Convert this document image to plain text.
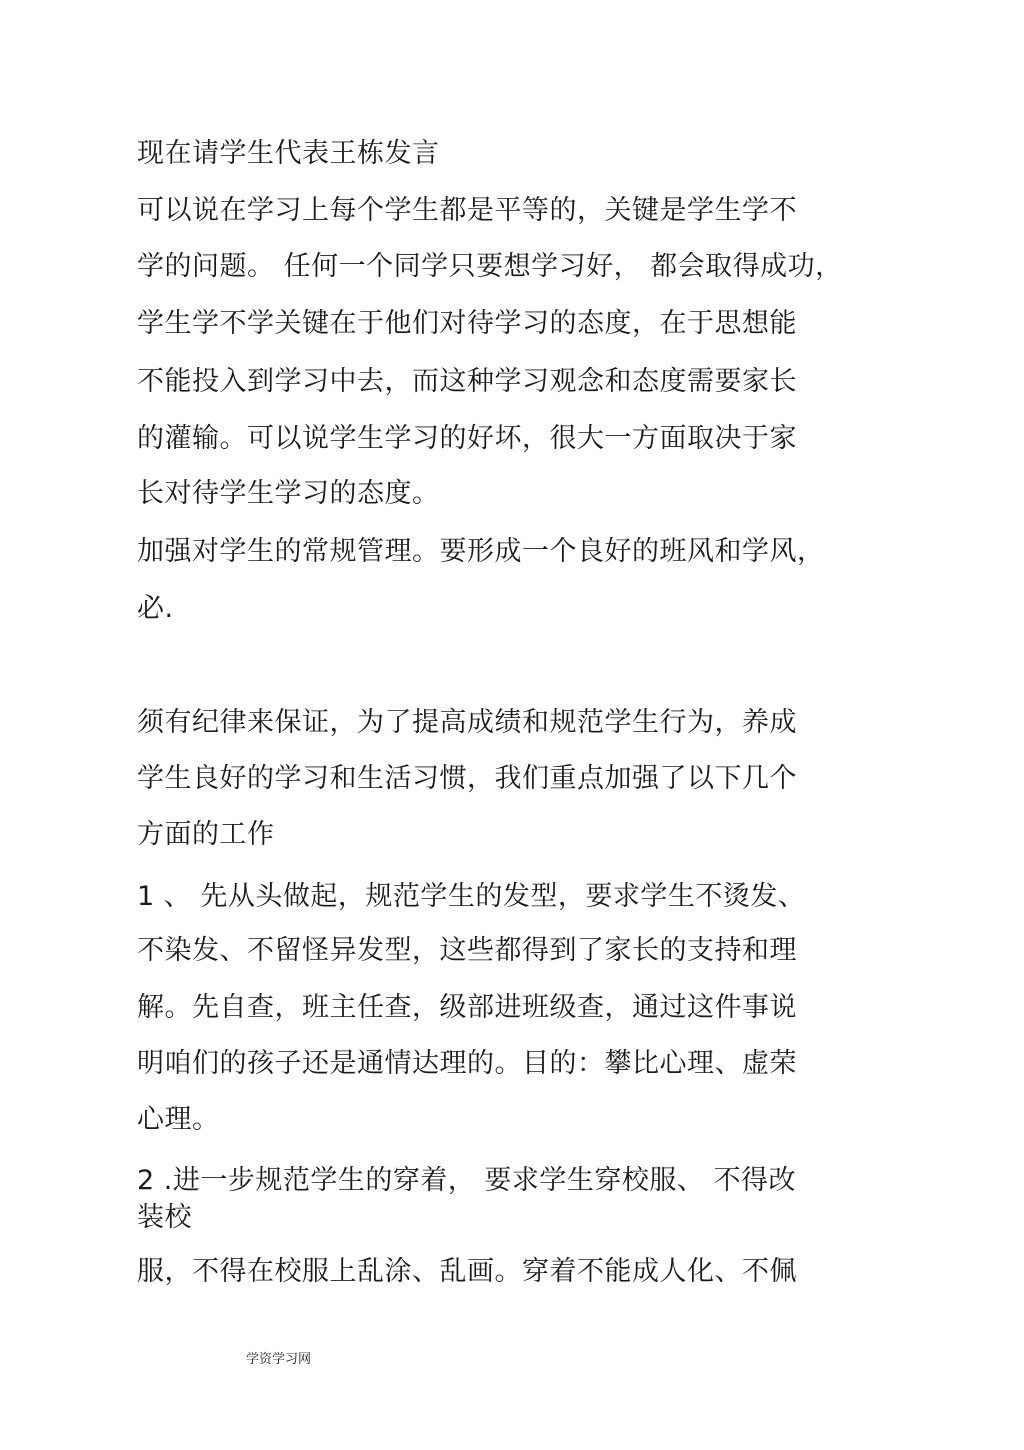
现在请学生代表王栋发言
可以说在学习上每个学生都是平等的，关键是学生学不
学的问题。 任何一个同学只要想学习好， 都会取得成功，
学生学不学关键在于他们对待学习的态度，在于思想能
不能投入到学习中去，而这种学习观念和态度需要家长
的灌输。可以说学生学习的好坏，很大一方面取决于家
长对待学生学习的态度。
加强对学生的常规管理。要形成一个良好的班风和学风，
必.
须有纪律来保证，为了提高成绩和规范学生行为，养成
学生良好的学习和生活习惯，我们重点加强了以下几个
方面的工作
1 、 先从头做起，规范学生的发型，要求学生不烫发、
不染发、不留怪异发型，这些都得到了家长的支持和理
解。先自查，班主任查，级部进班级查，通过这件事说
明咱们的孩子还是通情达理的。目的：攀比心理、虚荣
心理。
2 .进一步规范学生的穿着， 要求学生穿校服、 不得改
装校
服，不得在校服上乱涂、乱画。穿着不能成人化、不佩
学资学习网
